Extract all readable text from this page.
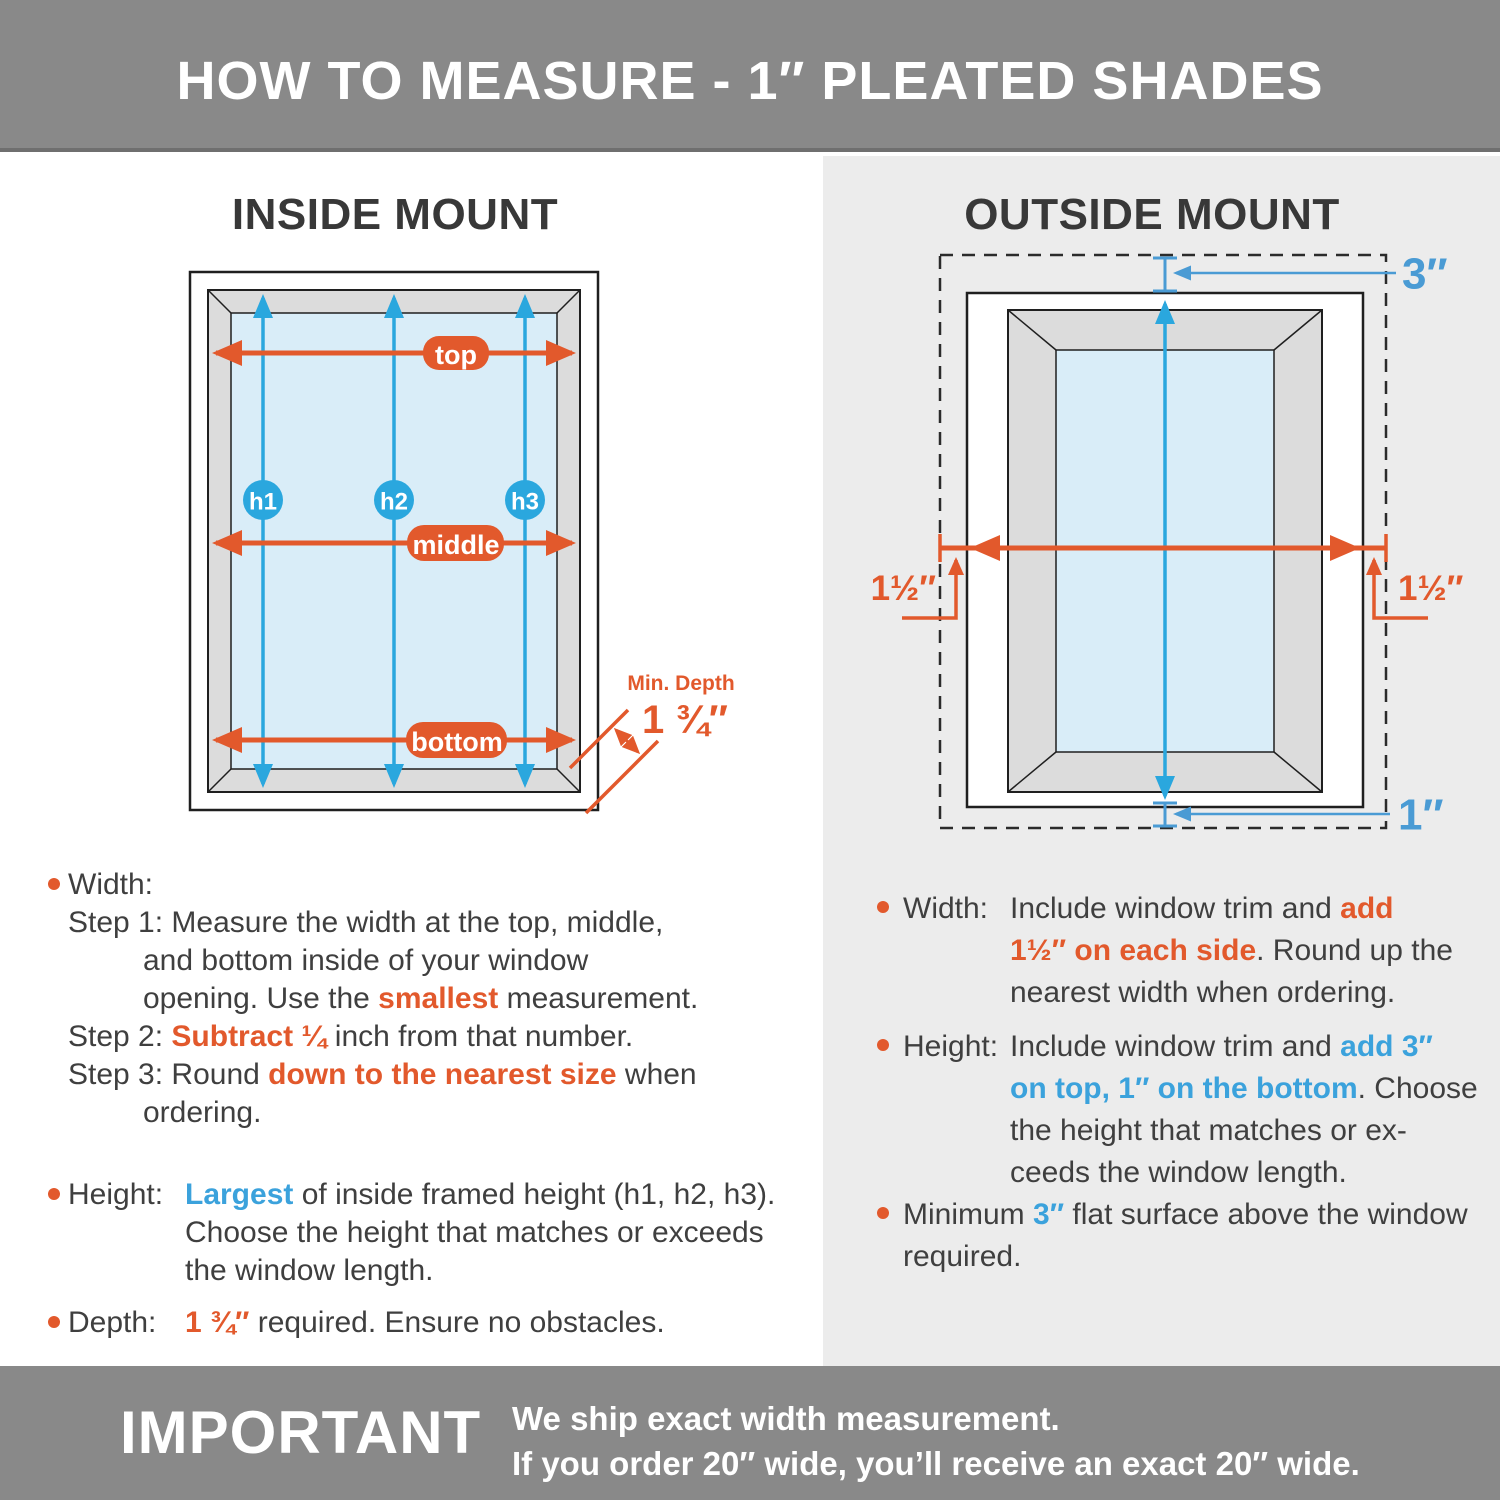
HOW TO MEASURE - 1″ PLEATED SHADES
INSIDE MOUNT	OUTSIDE MOUNT
top
middle
bottom
h1	h2	h3
Min. Depth
1 ¾″
3″
1½″	1½″
1″
Width:
Step 1: Measure the width at the top, middle,
and bottom inside of your window
opening. Use the smallest measurement.
Step 2: Subtract ¼ inch from that number.
Step 3: Round down to the nearest size when
ordering.
Height: Largest of inside framed height (h1, h2, h3).
Choose the height that matches or exceeds
the window length.
Depth: 1 ¾″ required. Ensure no obstacles.
Width: Include window trim and add
1½″ on each side. Round up the
nearest width when ordering.
Height: Include window trim and add 3″
on top, 1″ on the bottom. Choose
the height that matches or ex-
ceeds the window length.
Minimum 3″ flat surface above the window
required.
IMPORTANT We ship exact width measurement.
If you order 20″ wide, you’ll receive an exact 20″ wide.
